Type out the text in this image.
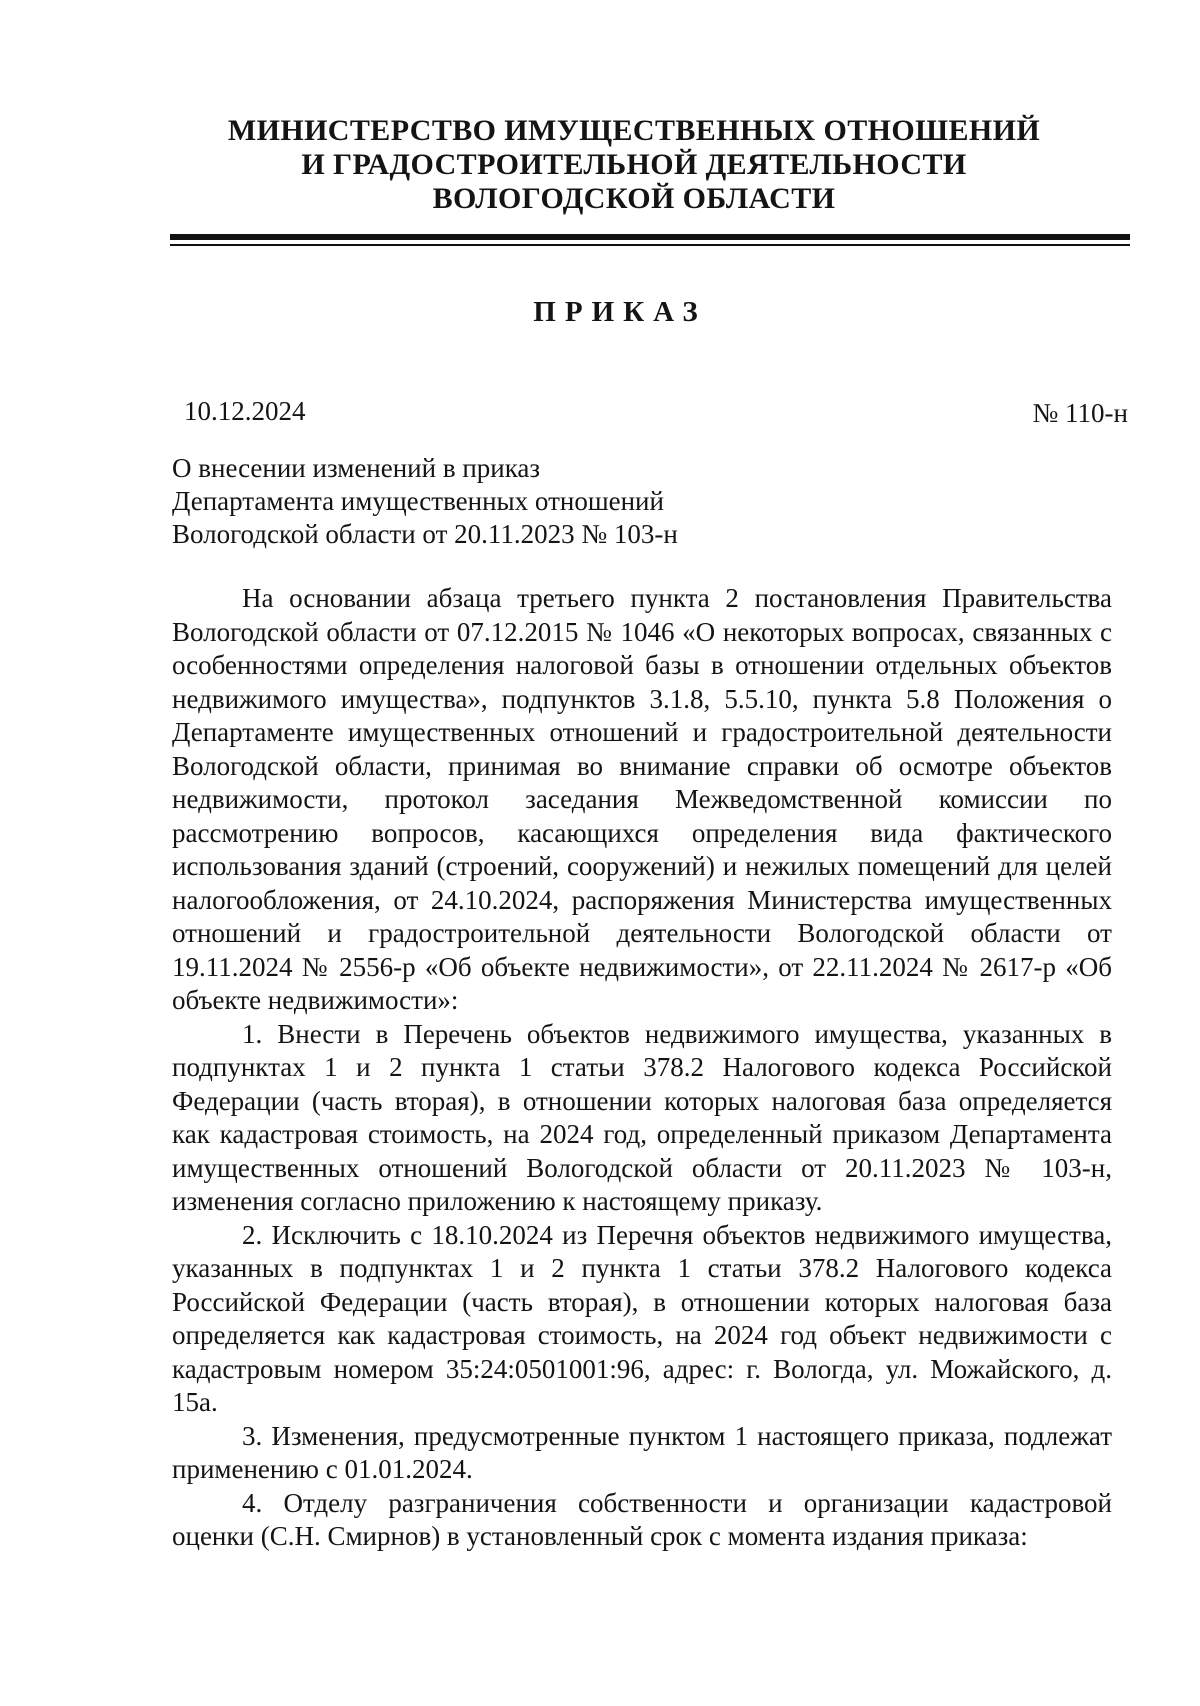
МИНИСТЕРСТВО ИМУЩЕСТВЕННЫХ ОТНОШЕНИЙ
И ГРАДОСТРОИТЕЛЬНОЙ ДЕЯТЕЛЬНОСТИ
ВОЛОГОДСКОЙ ОБЛАСТИ
ПРИКАЗ
10.12.2024	№ 110-н
О внесении изменений в приказ
Департамента имущественных отношений
Вологодской области от 20.11.2023 № 103-н

На основании абзаца третьего пункта 2 постановления Правительства Вологодской области от 07.12.2015 № 1046 «О некоторых вопросах, связанных с особенностями определения налоговой базы в отношении отдельных объектов недвижимого имущества», подпунктов 3.1.8, 5.5.10, пункта 5.8 Положения о Департаменте имущественных отношений и градостроительной деятельности Вологодской области, принимая во внимание справки об осмотре объектов недвижимости, протокол заседания Межведомственной комиссии по рассмотрению вопросов, касающихся определения вида фактического использования зданий (строений, сооружений) и нежилых помещений для целей налогообложения, от 24.10.2024, распоряжения Министерства имущественных отношений и градостроительной деятельности Вологодской области от 19.11.2024 № 2556-р «Об объекте недвижимости», от 22.11.2024 № 2617-р «Об объекте недвижимости»:

1. Внести в Перечень объектов недвижимого имущества, указанных в подпунктах 1 и 2 пункта 1 статьи 378.2 Налогового кодекса Российской Федерации (часть вторая), в отношении которых налоговая база определяется как кадастровая стоимость, на 2024 год, определенный приказом Департамента имущественных отношений Вологодской области от 20.11.2023 № 103-н, изменения согласно приложению к настоящему приказу.

2. Исключить с 18.10.2024 из Перечня объектов недвижимого имущества, указанных в подпунктах 1 и 2 пункта 1 статьи 378.2 Налогового кодекса Российской Федерации (часть вторая), в отношении которых налоговая база определяется как кадастровая стоимость, на 2024 год объект недвижимости с кадастровым номером 35:24:0501001:96, адрес: г. Вологда, ул. Можайского, д. 15а.

3. Изменения, предусмотренные пунктом 1 настоящего приказа, подлежат применению с 01.01.2024.

4. Отделу разграничения собственности и организации кадастровой оценки (С.Н. Смирнов) в установленный срок с момента издания приказа:
